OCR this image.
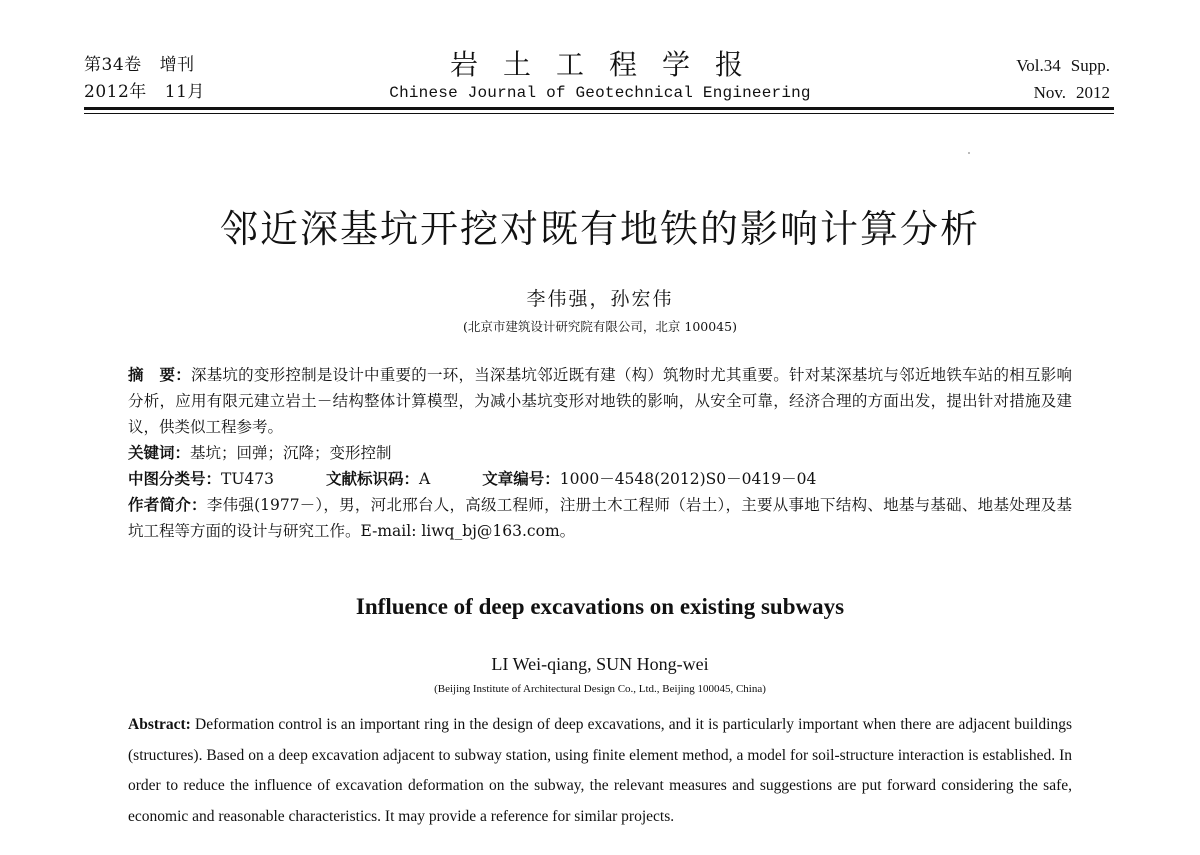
第34卷 增刊
2012年 11月
岩土工程学报
Chinese Journal of Geotechnical Engineering
Vol.34 Supp.
Nov. 2012
邻近深基坑开挖对既有地铁的影响计算分析
李伟强，孙宏伟
(北京市建筑设计研究院有限公司，北京 100045)

摘　要：深基坑的变形控制是设计中重要的一环，当深基坑邻近既有建（构）筑物时尤其重要。针对某深基坑与邻近地铁车站的相互影响分析，应用有限元建立岩土－结构整体计算模型，为减小基坑变形对地铁的影响，从安全可靠，经济合理的方面出发，提出针对措施及建议，供类似工程参考。

关键词：基坑；回弹；沉降；变形控制

中图分类号：TU473	文献标识码：A	文章编号：1000－4548(2012)S0－0419－04

作者简介：李伟强(1977－），男，河北邢台人，高级工程师，注册土木工程师（岩土），主要从事地下结构、地基与基础、地基处理及基坑工程等方面的设计与研究工作。E-mail: liwq_bj@163.com。

Influence of deep excavations on existing subways
LI Wei-qiang, SUN Hong-wei
(Beijing Institute of Architectural Design Co., Ltd., Beijing 100045, China)
Abstract: Deformation control is an important ring in the design of deep excavations, and it is particularly important when there are adjacent buildings (structures). Based on a deep excavation adjacent to subway station, using finite element method, a model for soil-structure interaction is established. In order to reduce the influence of excavation deformation on the subway, the relevant measures and suggestions are put forward considering the safe, economic and reasonable characteristics. It may provide a reference for similar projects.
